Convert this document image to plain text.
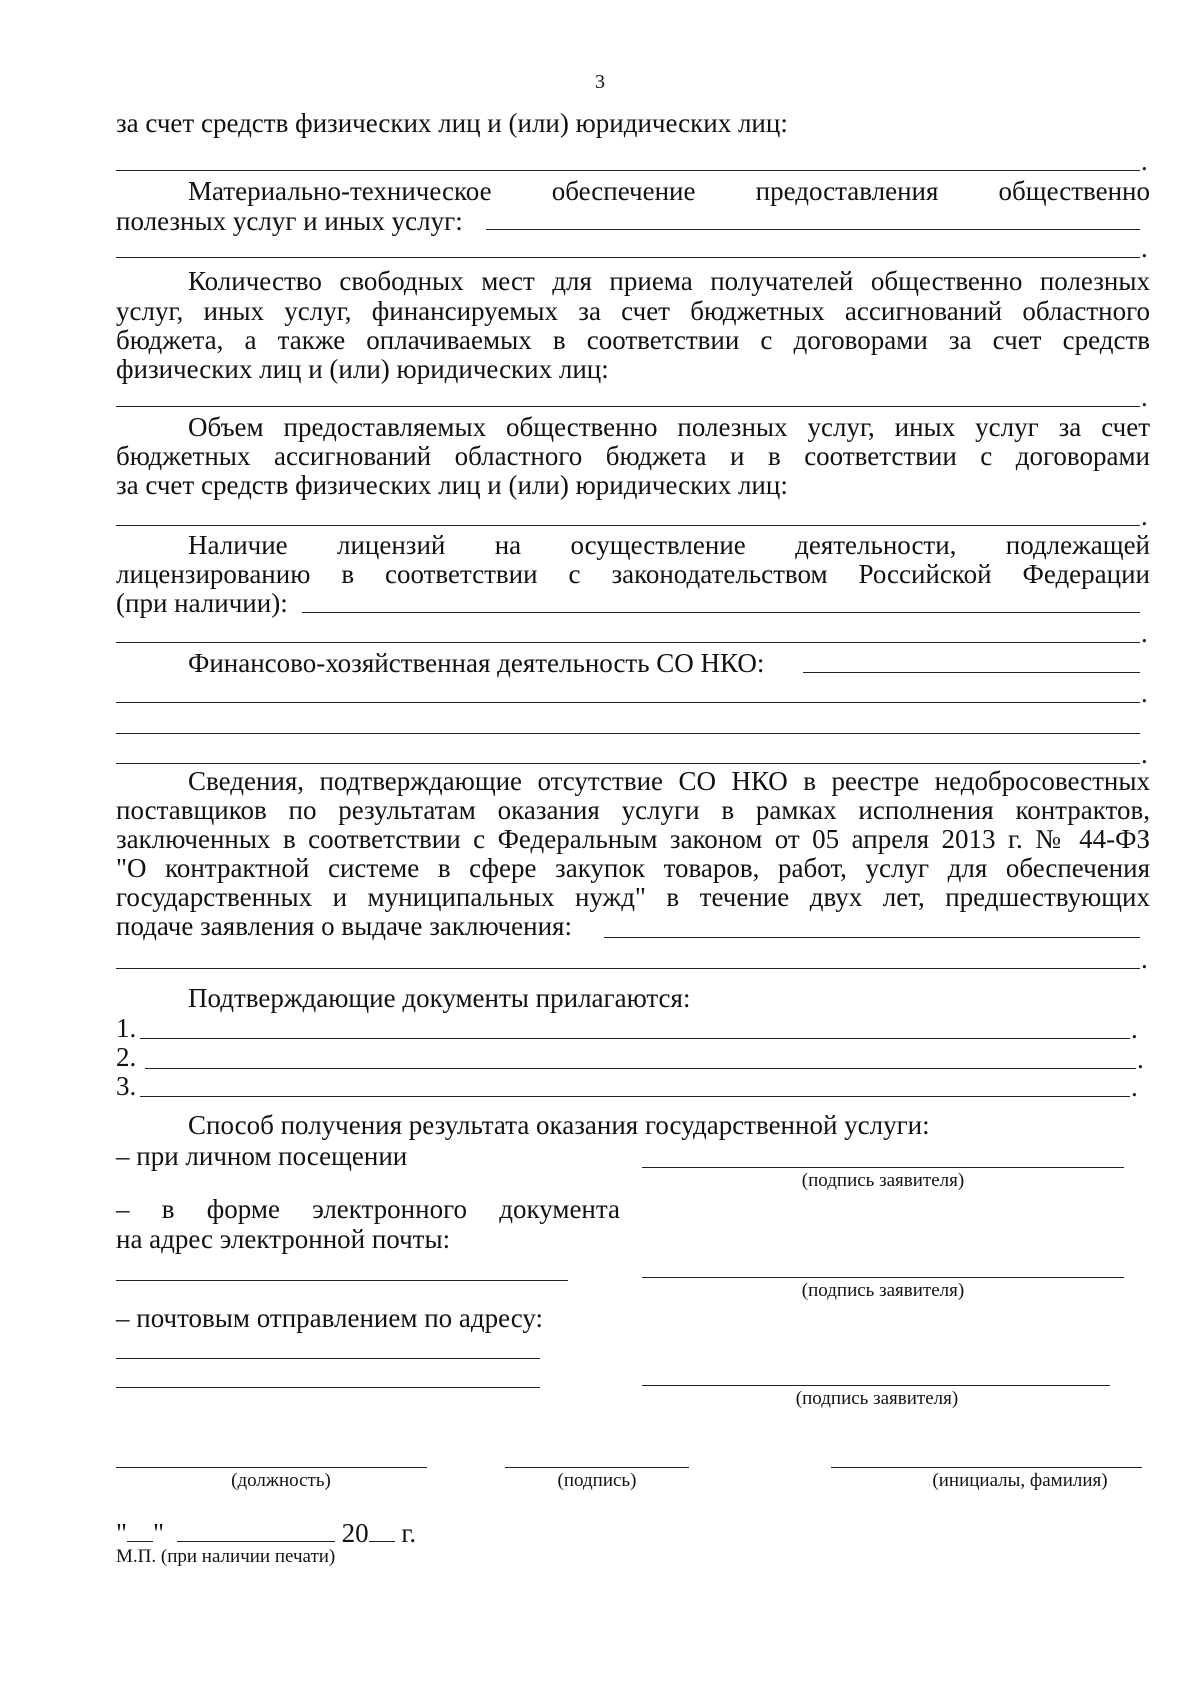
3
за счет средств физических лиц и (или) юридических лиц:
.
Материально-техническое обеспечение предоставления общественно
полезных услуг и иных услуг:
.
Количество свободных мест для приема получателей общественно полезных
услуг, иных услуг, финансируемых за счет бюджетных ассигнований областного
бюджета, а также оплачиваемых в соответствии с договорами за счет средств
физических лиц и (или) юридических лиц:
.
Объем предоставляемых общественно полезных услуг, иных услуг за счет
бюджетных ассигнований областного бюджета и в соответствии с договорами
за счет средств физических лиц и (или) юридических лиц:
.
Наличие лицензий на осуществление деятельности, подлежащей
лицензированию в соответствии с законодательством Российской Федерации
(при наличии):
.
Финансово-хозяйственная деятельность СО НКО:
.
.
Сведения, подтверждающие отсутствие СО НКО в реестре недобросовестных
поставщиков по результатам оказания услуги в рамках исполнения контрактов,
заключенных в соответствии с Федеральным законом от 05 апреля 2013 г. № 44-ФЗ
"О контрактной системе в сфере закупок товаров, работ, услуг для обеспечения
государственных и муниципальных нужд" в течение двух лет, предшествующих
подаче заявления о выдаче заключения:
.
Подтверждающие документы прилагаются:
1.	.
2.	.
3.	.
Способ получения результата оказания государственной услуги:
– при личном посещении
(подпись заявителя)
– в форме электронного документа
на адрес электронной почты:
(подпись заявителя)
– почтовым отправлением по адресу:
(подпись заявителя)
(должность)	(подпись)	(инициалы, фамилия)
" "	20 г.
М.П. (при наличии печати)
